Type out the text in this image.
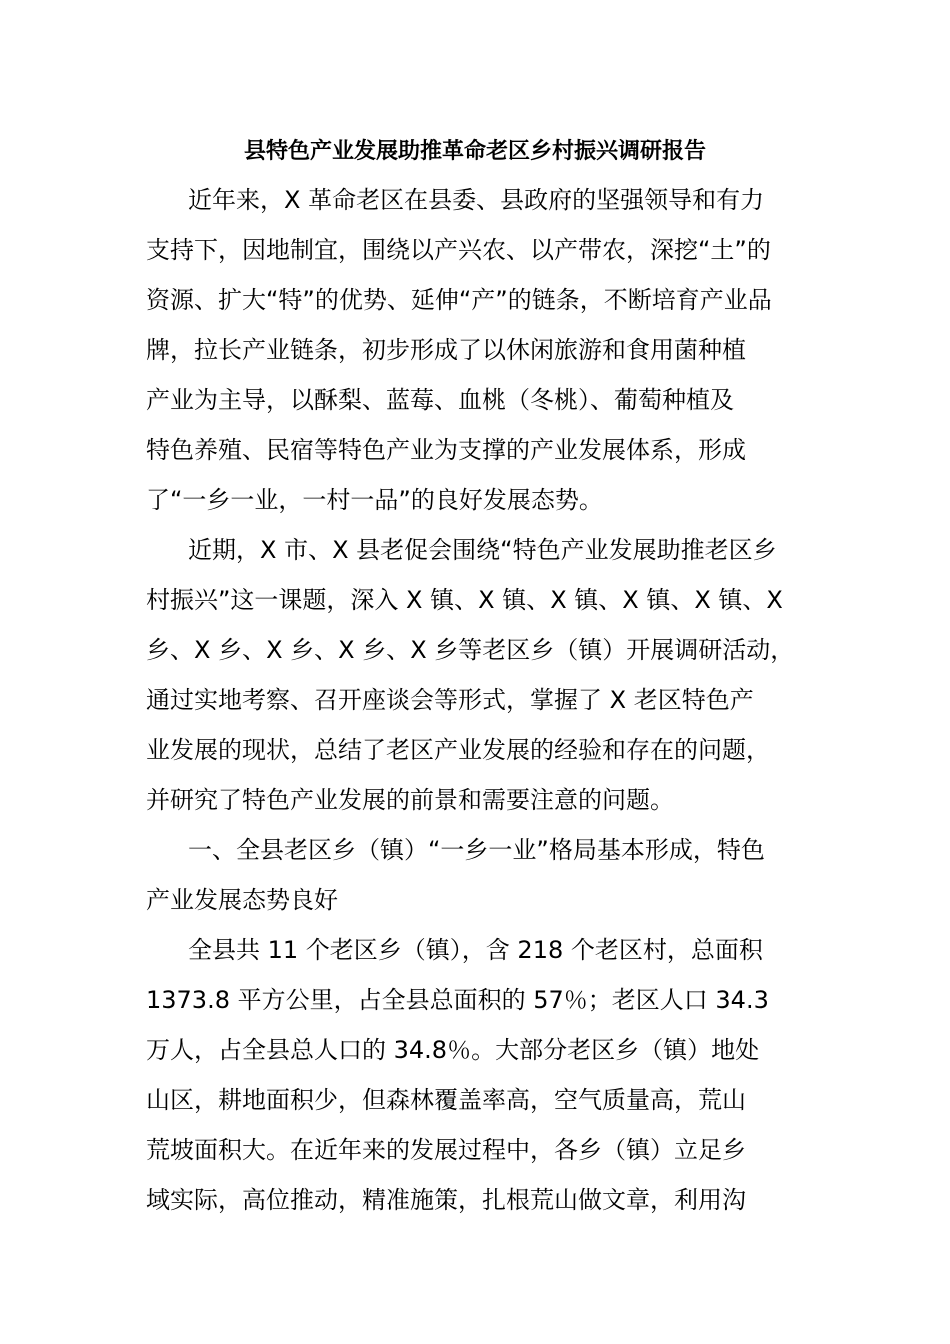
县特色产业发展助推革命老区乡村振兴调研报告
近年来，X 革命老区在县委、县政府的坚强领导和有力
支持下，因地制宜，围绕以产兴农、以产带农，深挖“土”的
资源、扩大“特”的优势、延伸“产”的链条，不断培育产业品
牌，拉长产业链条，初步形成了以休闲旅游和食用菌种植
产业为主导，以酥梨、蓝莓、血桃（冬桃）、葡萄种植及
特色养殖、民宿等特色产业为支撑的产业发展体系，形成
了“一乡一业，一村一品”的良好发展态势。
近期，X 市、X 县老促会围绕“特色产业发展助推老区乡
村振兴”这一课题，深入 X 镇、X 镇、X 镇、X 镇、X 镇、X
乡、X 乡、X 乡、X 乡、X 乡等老区乡（镇）开展调研活动，
通过实地考察、召开座谈会等形式，掌握了 X 老区特色产
业发展的现状，总结了老区产业发展的经验和存在的问题，
并研究了特色产业发展的前景和需要注意的问题。
一、全县老区乡（镇）“一乡一业”格局基本形成，特色
产业发展态势良好
全县共 11 个老区乡（镇），含 218 个老区村，总面积
1373.8 平方公里，占全县总面积的 57％；老区人口 34.3
万人，占全县总人口的 34.8％。大部分老区乡（镇）地处
山区，耕地面积少，但森林覆盖率高，空气质量高，荒山
荒坡面积大。在近年来的发展过程中，各乡（镇）立足乡
域实际，高位推动，精准施策，扎根荒山做文章，利用沟
